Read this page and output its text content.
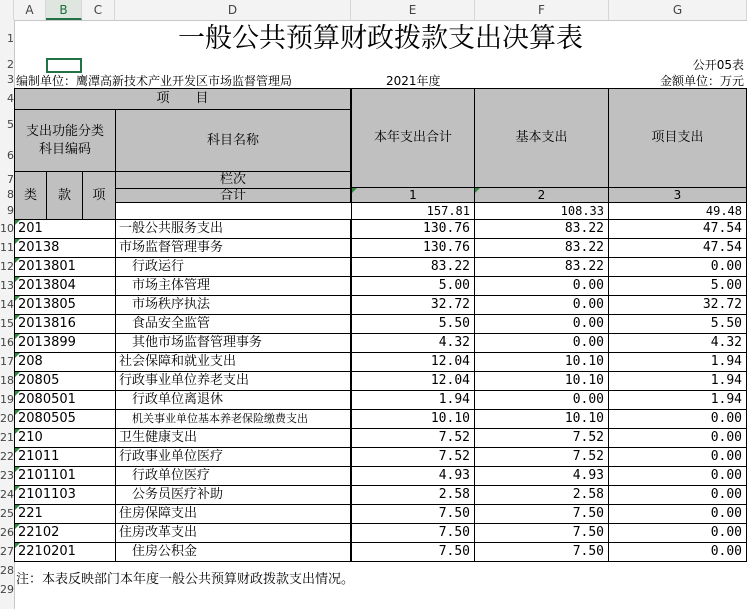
A	B	C	D	E	F	G
1
2
3
4
5
6
7
8
9
10
11
12
13
14
15
16
17
18
19
20
21
22
23
24
25
26
27
28
29
一般公共预算财政拨款支出决算表
公开05表
编制单位：鹰潭高新技术产业开发区市场监督管理局	2021年度	金额单位：万元
项　　目
支出功能分类
科目编码
科目名称	本年支出合计	基本支出	项目支出
类	款	项
栏次
1	2	3
合计
157.81	108.33	49.48
201	一般公共服务支出	130.76	83.22	47.54
20138	市场监督管理事务	130.76	83.22	47.54
2013801	行政运行	83.22	83.22	0.00
2013804	市场主体管理	5.00	0.00	5.00
2013805	市场秩序执法	32.72	0.00	32.72
2013816	食品安全监管	5.50	0.00	5.50
2013899	其他市场监督管理事务	4.32	0.00	4.32
208	社会保障和就业支出	12.04	10.10	1.94
20805	行政事业单位养老支出	12.04	10.10	1.94
2080501	行政单位离退休	1.94	0.00	1.94
2080505	机关事业单位基本养老保险缴费支出	10.10	10.10	0.00
210	卫生健康支出	7.52	7.52	0.00
21011	行政事业单位医疗	7.52	7.52	0.00
2101101	行政单位医疗	4.93	4.93	0.00
2101103	公务员医疗补助	2.58	2.58	0.00
221	住房保障支出	7.50	7.50	0.00
22102	住房改革支出	7.50	7.50	0.00
2210201	住房公积金	7.50	7.50	0.00
注：本表反映部门本年度一般公共预算财政拨款支出情况。
